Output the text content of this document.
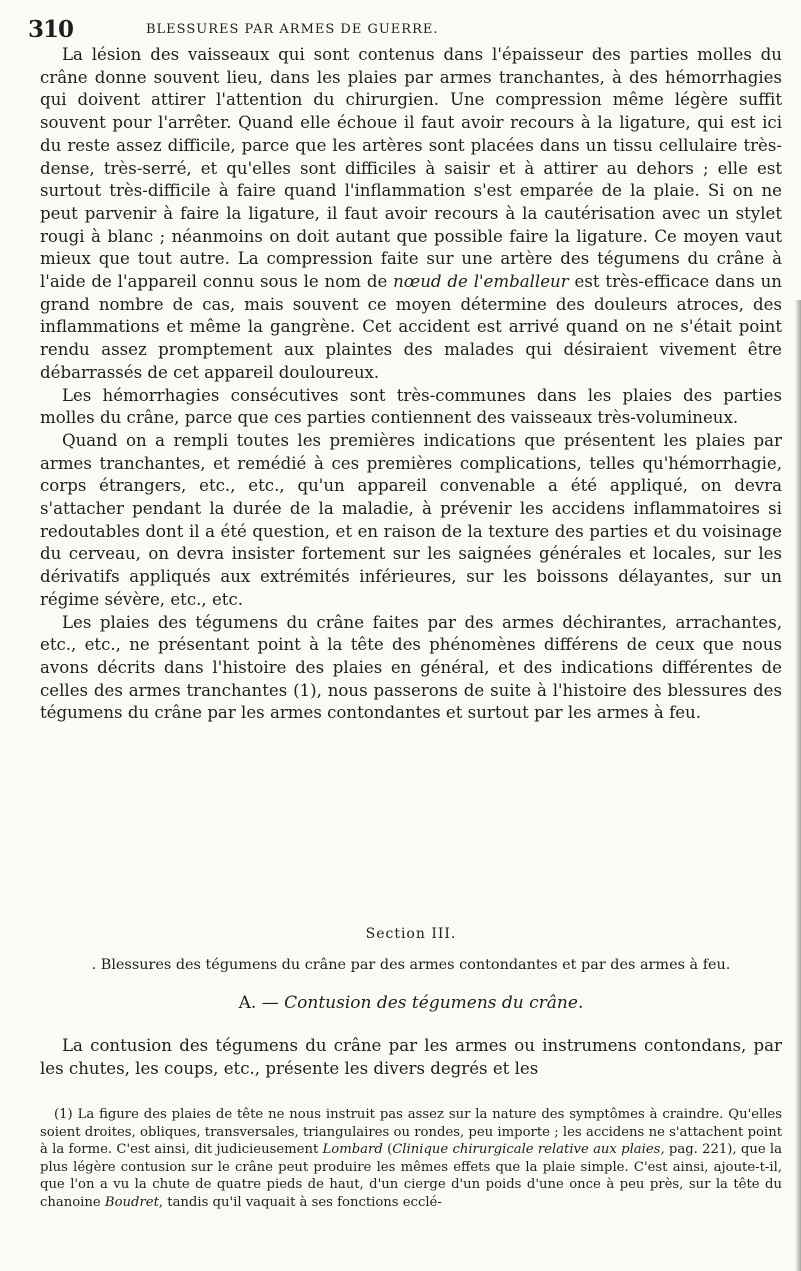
310	BLESSURES PAR ARMES DE GUERRE.

La lésion des vaisseaux qui sont contenus dans l'épaisseur des parties molles du crâne donne souvent lieu, dans les plaies par armes tranchantes, à des hémorrhagies qui doivent attirer l'attention du chirurgien. Une compression même légère suffit souvent pour l'arrêter. Quand elle échoue il faut avoir recours à la ligature, qui est ici du reste assez difficile, parce que les artères sont placées dans un tissu cellulaire très-dense, très-serré, et qu'elles sont difficiles à saisir et à attirer au dehors ; elle est surtout très-difficile à faire quand l'inflammation s'est emparée de la plaie. Si on ne peut parvenir à faire la ligature, il faut avoir recours à la cautérisation avec un stylet rougi à blanc ; néanmoins on doit autant que possible faire la ligature. Ce moyen vaut mieux que tout autre. La compression faite sur une artère des tégumens du crâne à l'aide de l'appareil connu sous le nom de nœud de l'emballeur est très-efficace dans un grand nombre de cas, mais souvent ce moyen détermine des douleurs atroces, des inflammations et même la gangrène. Cet accident est arrivé quand on ne s'était point rendu assez promptement aux plaintes des malades qui désiraient vivement être débarrassés de cet appareil douloureux.

Les hémorrhagies consécutives sont très-communes dans les plaies des parties molles du crâne, parce que ces parties contiennent des vaisseaux très-volumineux.

Quand on a rempli toutes les premières indications que présentent les plaies par armes tranchantes, et remédié à ces premières complications, telles qu'hémorrhagie, corps étrangers, etc., etc., qu'un appareil convenable a été appliqué, on devra s'attacher pendant la durée de la maladie, à prévenir les accidens inflammatoires si redoutables dont il a été question, et en raison de la texture des parties et du voisinage du cerveau, on devra insister fortement sur les saignées générales et locales, sur les dérivatifs appliqués aux extrémités inférieures, sur les boissons délayantes, sur un régime sévère, etc., etc.

Les plaies des tégumens du crâne faites par des armes déchirantes, arrachantes, etc., etc., ne présentant point à la tête des phénomènes différens de ceux que nous avons décrits dans l'histoire des plaies en général, et des indications différentes de celles des armes tranchantes (1), nous passerons de suite à l'histoire des blessures des tégumens du crâne par les armes contondantes et surtout par les armes à feu.

Section III.
. Blessures des tégumens du crâne par des armes contondantes et par des armes à feu.
A. — Contusion des tégumens du crâne.

La contusion des tégumens du crâne par les armes ou instrumens contondans, par les chutes, les coups, etc., présente les divers degrés et les

(1) La figure des plaies de tête ne nous instruit pas assez sur la nature des symptômes à craindre. Qu'elles soient droites, obliques, transversales, triangulaires ou rondes, peu importe ; les accidens ne s'attachent point à la forme. C'est ainsi, dit judicieusement Lombard (Clinique chirurgicale relative aux plaies, pag. 221), que la plus légère contusion sur le crâne peut produire les mêmes effets que la plaie simple. C'est ainsi, ajoute-t-il, que l'on a vu la chute de quatre pieds de haut, d'un cierge d'un poids d'une once à peu près, sur la tête du chanoine Boudret, tandis qu'il vaquait à ses fonctions ecclé-
